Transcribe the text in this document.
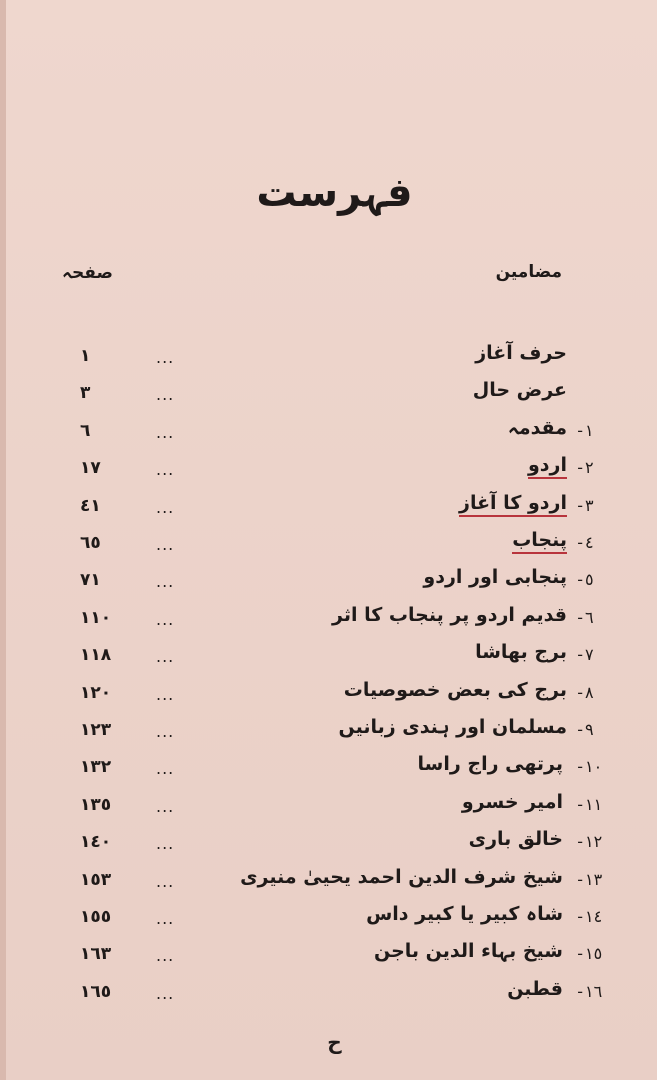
فہرست
مضامین
صفحہ
حرف آغاز
...
١
عرض حال
...
٣
١
-
مقدمہ
...
٦
٢
-
اردو
...
١٧
٣
-
اردو کا آغاز
...
٤١
٤
-
پنجاب
...
٦٥
٥
-
پنجابی اور اردو
...
٧١
٦
-
قدیم اردو پر پنجاب کا اثر
...
١١٠
٧
-
برج بھاشا
...
١١٨
٨
-
برج کی بعض خصوصیات
...
١٢٠
٩
-
مسلمان اور ہندی زبانیں
...
١٢٣
١٠
-
پرتھی راج راسا
...
١٣٢
١١
-
امیر خسرو
...
١٣٥
١٢
-
خالق باری
...
١٤٠
١٣
-
شیخ شرف الدین احمد یحییٰ منیری
...
١٥٣
١٤
-
شاہ کبیر یا کبیر داس
...
١٥٥
١٥
-
شیخ بہاء الدین باجن
...
١٦٣
١٦
-
قطبن
...
١٦٥
ح
